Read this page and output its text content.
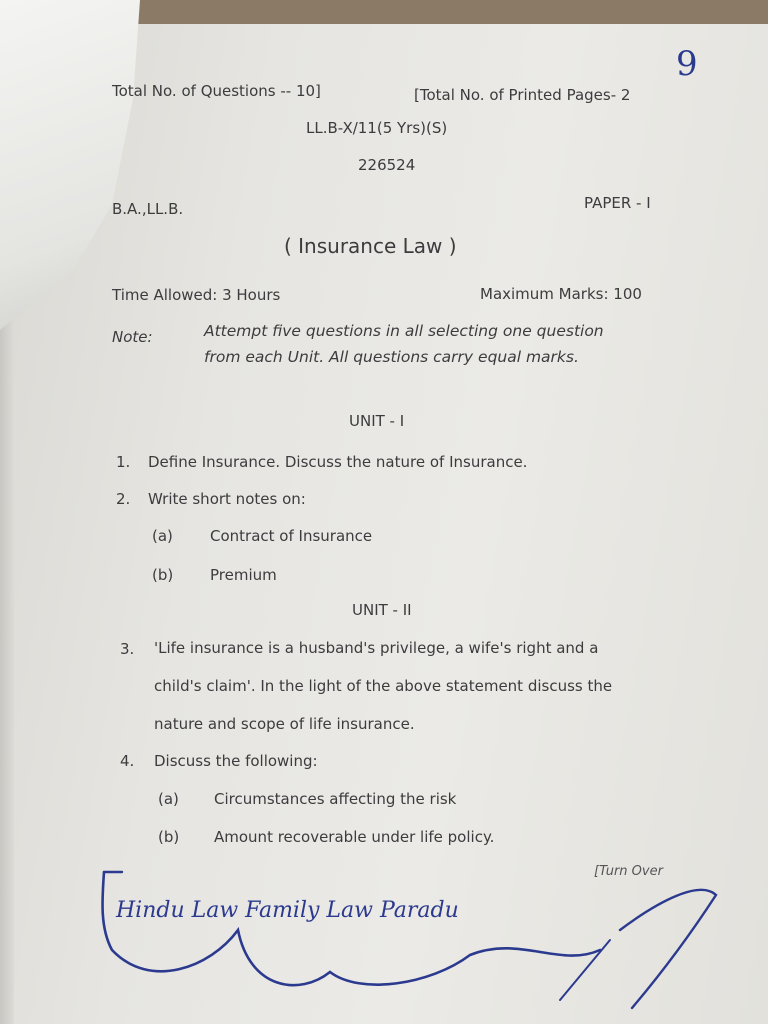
Total No. of Questions -- 10]	[Total No. of Printed Pages- 2
LL.B-X/11(5 Yrs)(S)
226524
B.A.,LL.B.	PAPER - I
( Insurance Law )
Time Allowed: 3 Hours	Maximum Marks: 100
Note:	Attempt five questions in all selecting one question
from each Unit. All questions carry equal marks.
UNIT - I
1. Define Insurance. Discuss the nature of Insurance.
2. Write short notes on:
(a) Contract of Insurance
(b) Premium
UNIT - II
3. 'Life insurance is a husband's privilege, a wife's right and a
child's claim'. In the light of the above statement discuss the
nature and scope of life insurance.
4. Discuss the following:
(a) Circumstances affecting the risk
(b) Amount recoverable under life policy.
[Turn Over
9
Hindu Law Family Law Paradu
